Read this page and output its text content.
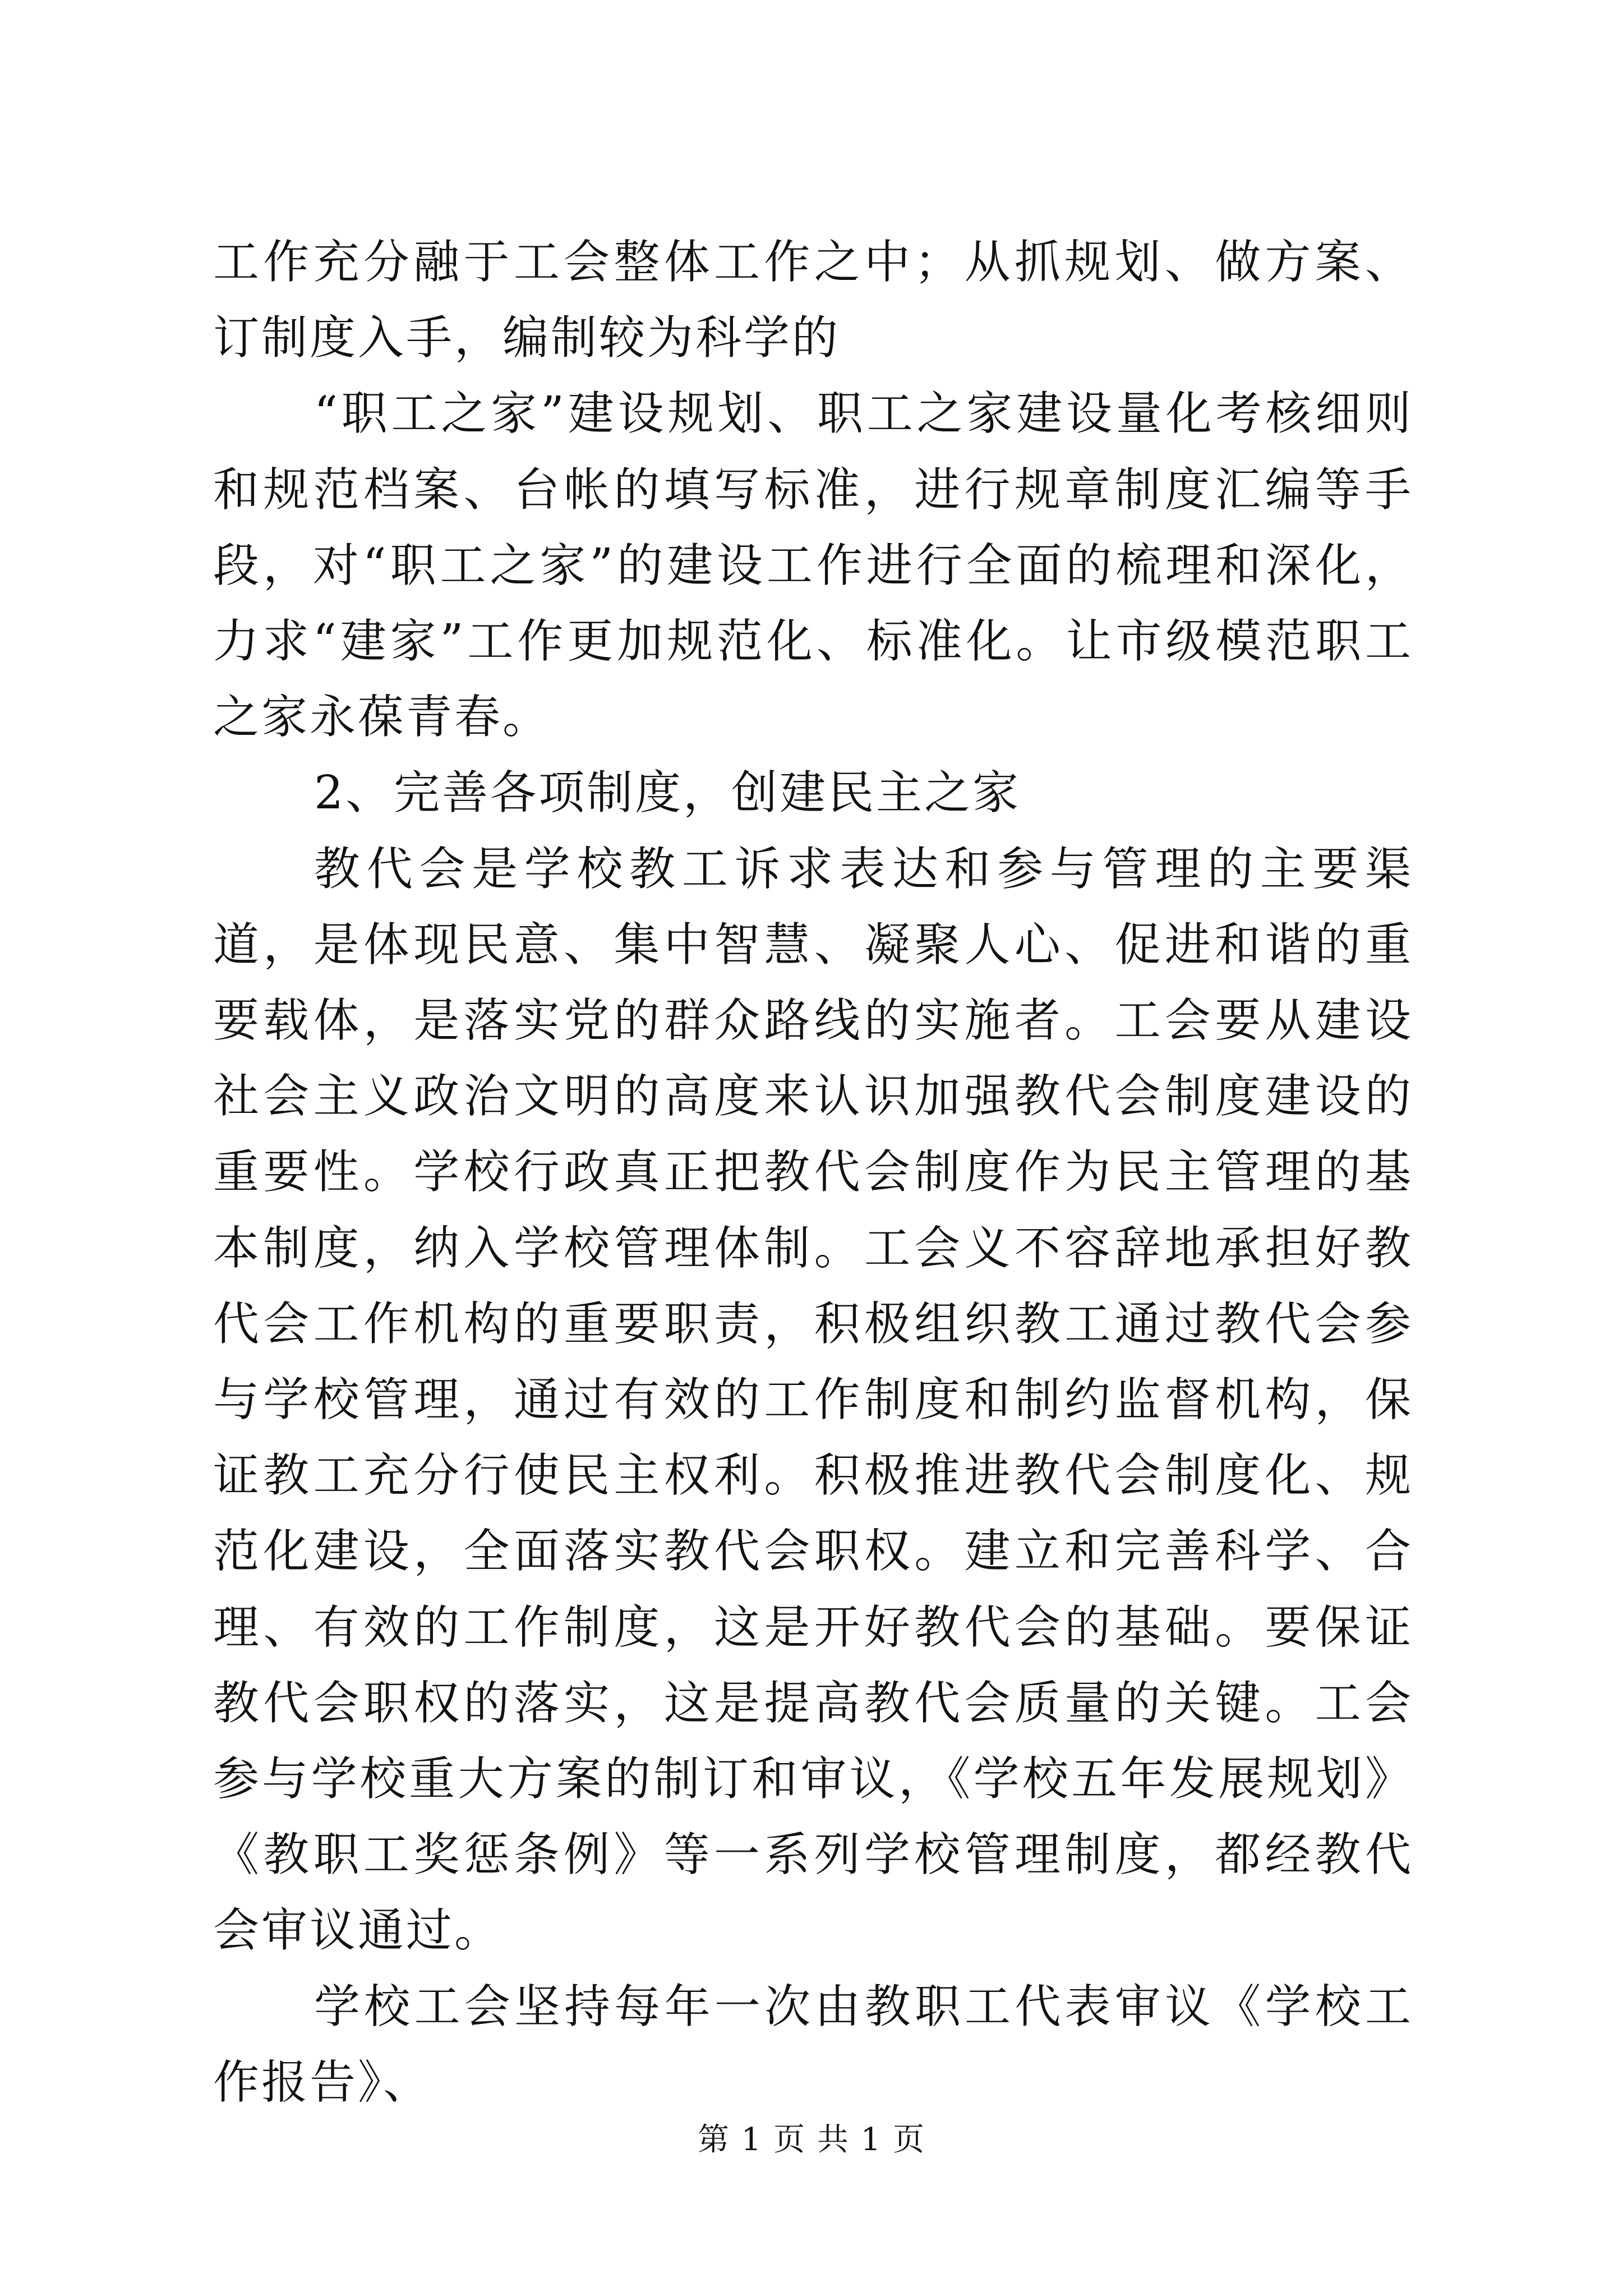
工作充分融于工会整体工作之中；从抓规划、做方案、订制度入手，编制较为科学的

“职工之家”建设规划、职工之家建设量化考核细则和规范档案、台帐的填写标准，进行规章制度汇编等手段，对“职工之家”的建设工作进行全面的梳理和深化，力求“建家”工作更加规范化、标准化。让市级模范职工之家永葆青春。

2、完善各项制度，创建民主之家

教代会是学校教工诉求表达和参与管理的主要渠道，是体现民意、集中智慧、凝聚人心、促进和谐的重要载体，是落实党的群众路线的实施者。工会要从建设社会主义政治文明的高度来认识加强教代会制度建设的重要性。学校行政真正把教代会制度作为民主管理的基本制度，纳入学校管理体制。工会义不容辞地承担好教代会工作机构的重要职责，积极组织教工通过教代会参与学校管理，通过有效的工作制度和制约监督机构，保证教工充分行使民主权利。积极推进教代会制度化、规范化建设，全面落实教代会职权。建立和完善科学、合理、有效的工作制度，这是开好教代会的基础。要保证教代会职权的落实，这是提高教代会质量的关键。工会参与学校重大方案的制订和审议，《学校五年发展规划》《教职工奖惩条例》等一系列学校管理制度，都经教代会审议通过。

学校工会坚持每年一次由教职工代表审议《学校工作报告》、

第 1 页 共 1 页
